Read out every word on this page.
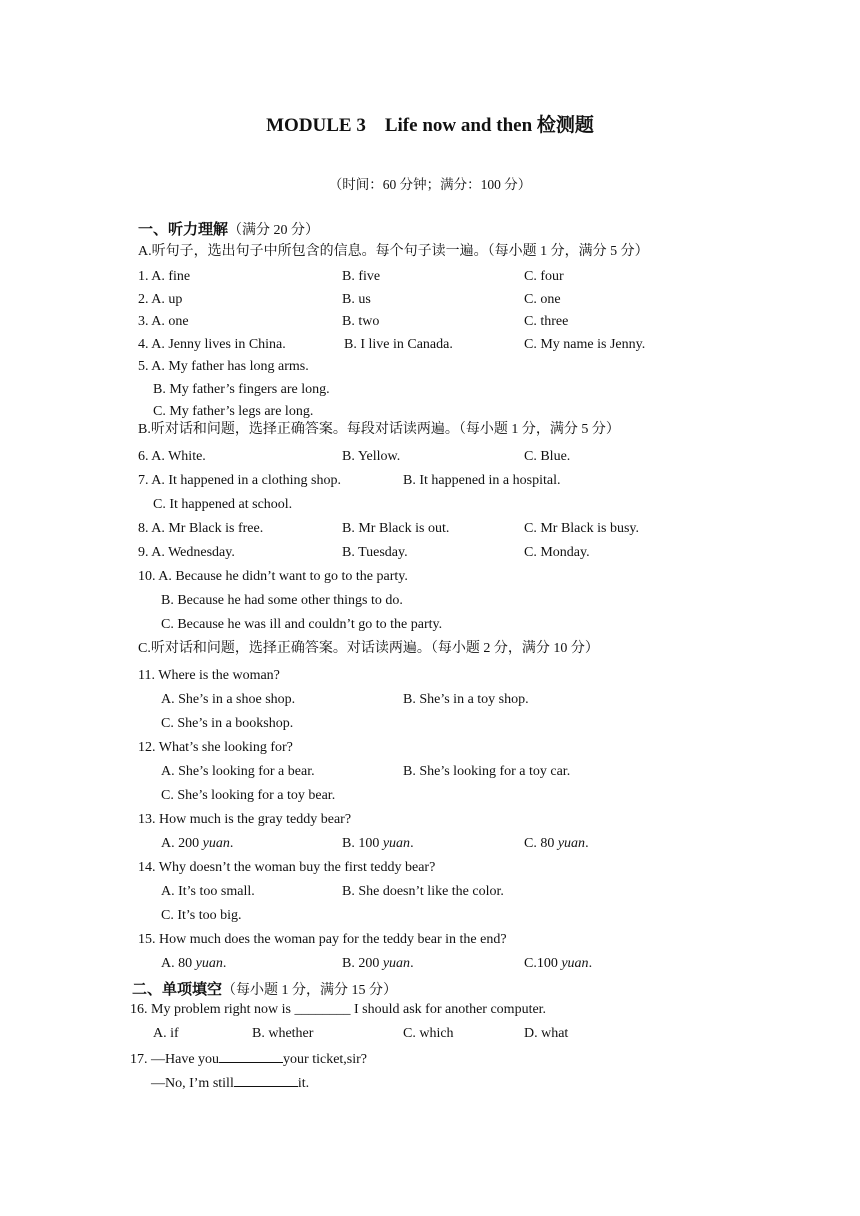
MODULE 3　Life now and then 检测题
（时间：60 分钟；满分：100 分）
一、听力理解（满分 20 分）
A.听句子，选出句子中所包含的信息。每个句子读一遍。（每小题 1 分，满分 5 分）
1. A. fine	B. five	C. four
2. A. up	B. us	C. one
3. A. one	B. two	C. three
4. A. Jenny lives in China.	B. I live in Canada.	C. My name is Jenny.
5. A. My father has long arms.
B. My father’s fingers are long.
C. My father’s legs are long.
B.听对话和问题，选择正确答案。每段对话读两遍。（每小题 1 分，满分 5 分）
6. A. White.	B. Yellow.	C. Blue.
7. A. It happened in a clothing shop.	B. It happened in a hospital.
C. It happened at school.
8. A. Mr Black is free.	B. Mr Black is out.	C. Mr Black is busy.
9. A. Wednesday.	B. Tuesday.	C. Monday.
10. A. Because he didn’t want to go to the party.
B. Because he had some other things to do.
C. Because he was ill and couldn’t go to the party.
C.听对话和问题，选择正确答案。对话读两遍。（每小题 2 分，满分 10 分）
11. Where is the woman?
A. She’s in a shoe shop.	B. She’s in a toy shop.
C. She’s in a bookshop.
12. What’s she looking for?
A. She’s looking for a bear.	B. She’s looking for a toy car.
C. She’s looking for a toy bear.
13. How much is the gray teddy bear?
A. 200 yuan.	B. 100 yuan.	C. 80 yuan.
14. Why doesn’t the woman buy the first teddy bear?
A. It’s too small.	B. She doesn’t like the color.
C. It’s too big.
15. How much does the woman pay for the teddy bear in the end?
A. 80 yuan.	B. 200 yuan.	C.100 yuan.
二、单项填空（每小题 1 分，满分 15 分）
16. My problem right now is ________ I should ask for another computer.
A. if	B. whether	C. which	D. what
17. —Have you	your ticket,sir?
—No, I’m still	it.
